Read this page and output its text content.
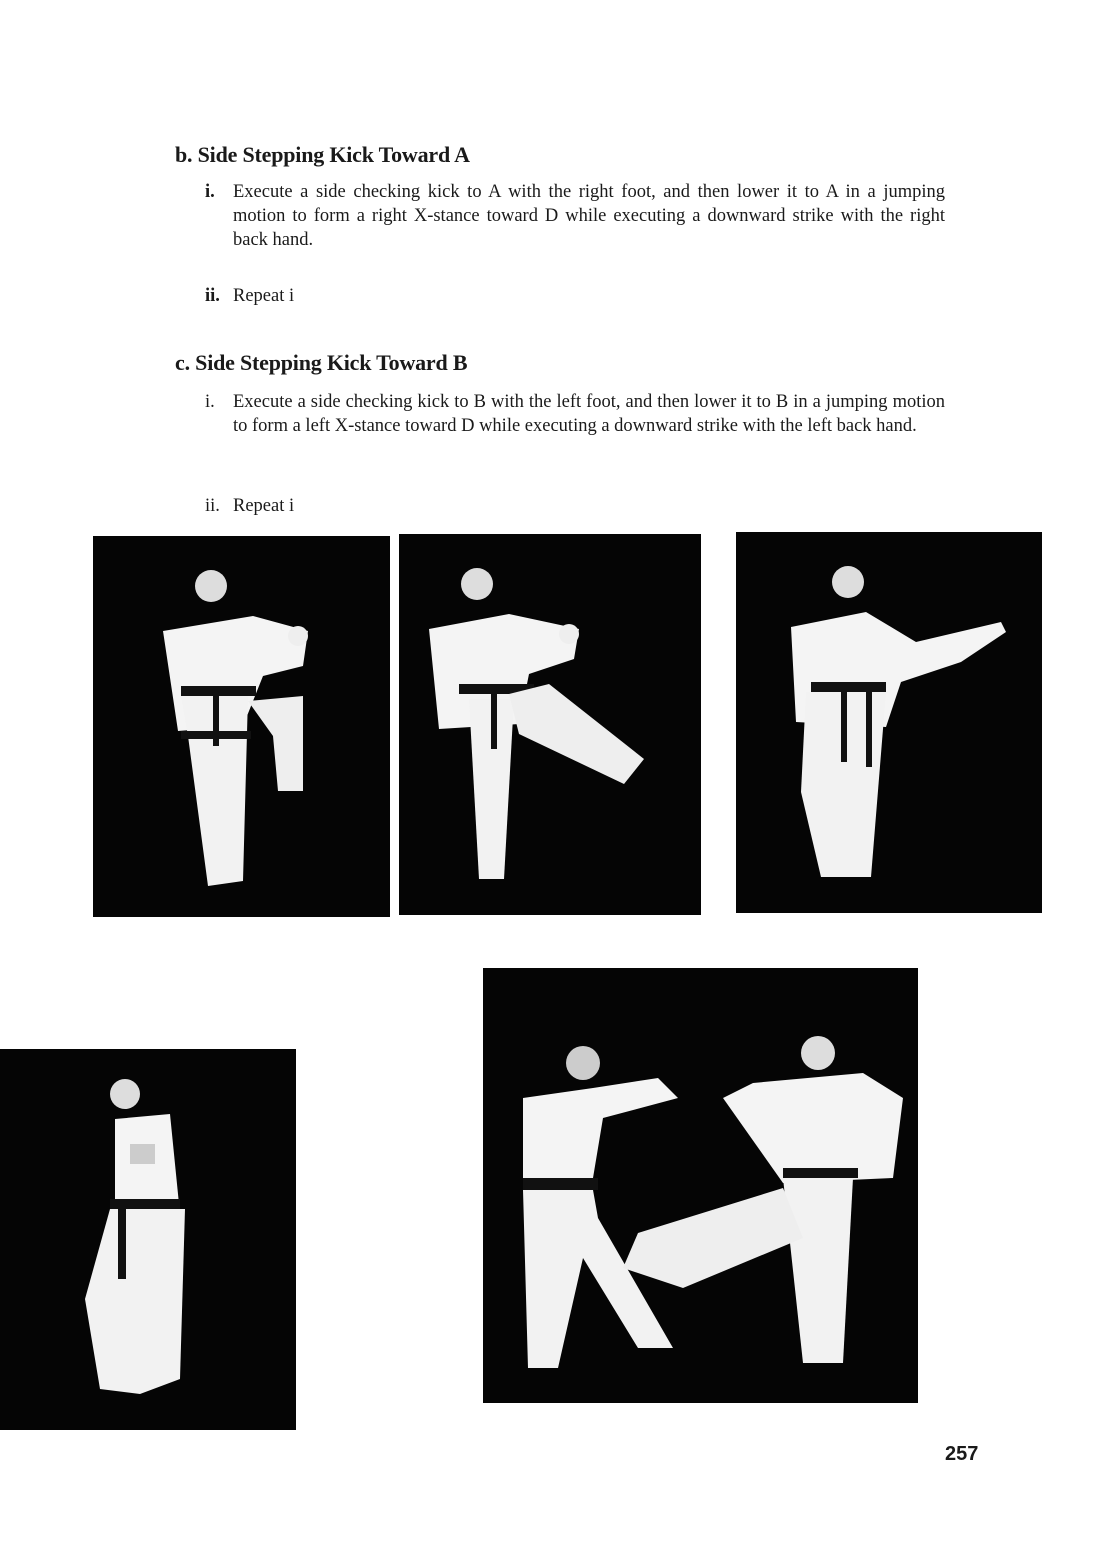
b. Side Stepping Kick Toward A
i. Execute a side checking kick to A with the right foot, and then lower it to A in a jumping motion to form a right X-stance toward D while executing a downward strike with the right back hand.
ii. Repeat i
c. Side Stepping Kick Toward B
i. Execute a side checking kick to B with the left foot, and then lower it to B in a jumping motion to form a left X-stance toward D while executing a downward strike with the left back hand.
ii. Repeat i
257
